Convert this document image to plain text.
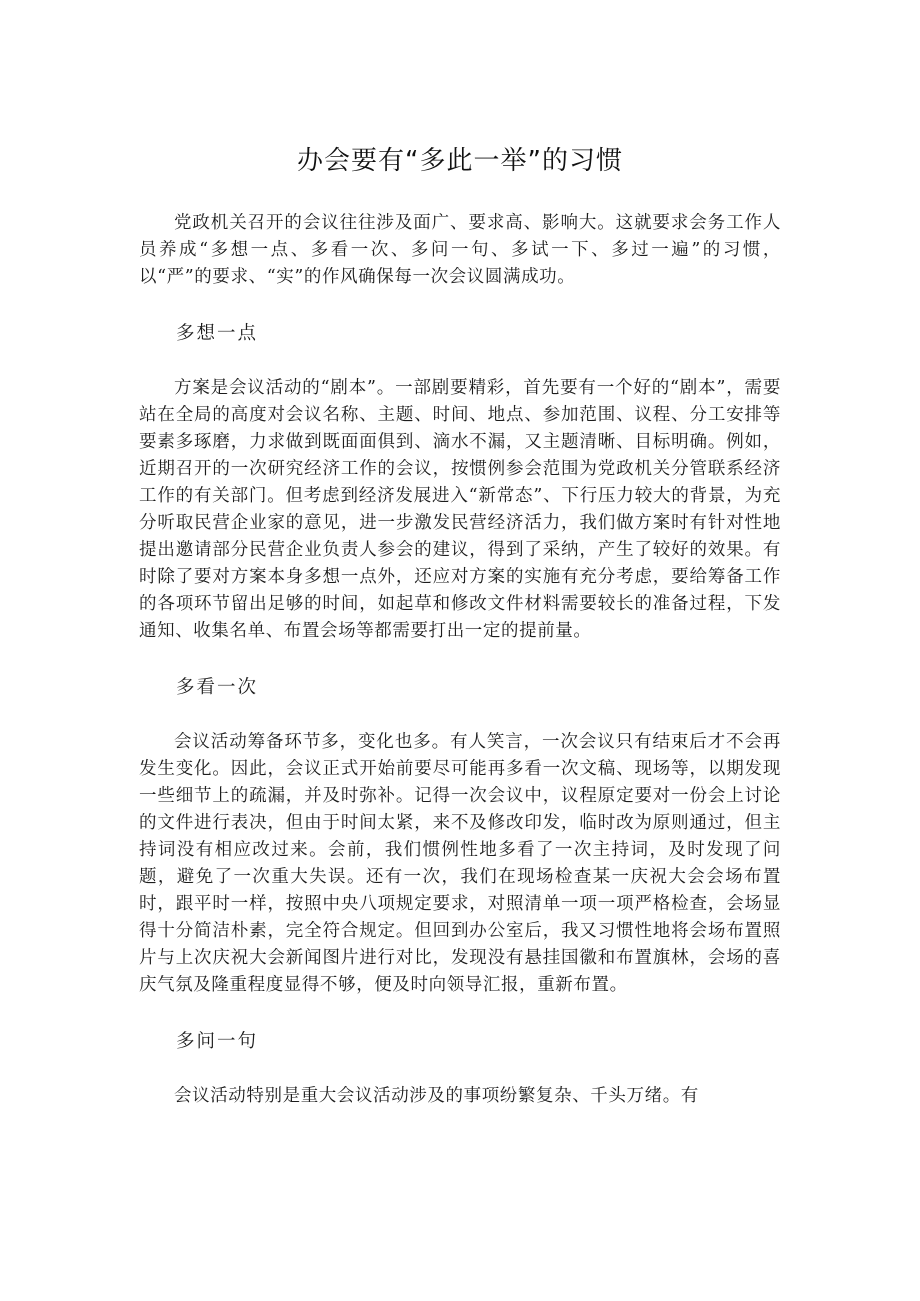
办会要有“多此一举”的习惯

党政机关召开的会议往往涉及面广、要求高、影响大。这就要求会务工作人员养成“多想一点、多看一次、多问一句、多试一下、多过一遍”的习惯，以“严”的要求、“实”的作风确保每一次会议圆满成功。

多想一点

方案是会议活动的“剧本”。一部剧要精彩，首先要有一个好的“剧本”，需要站在全局的高度对会议名称、主题、时间、地点、参加范围、议程、分工安排等要素多琢磨，力求做到既面面俱到、滴水不漏，又主题清晰、目标明确。例如，近期召开的一次研究经济工作的会议，按惯例参会范围为党政机关分管联系经济工作的有关部门。但考虑到经济发展进入“新常态”、下行压力较大的背景，为充分听取民营企业家的意见，进一步激发民营经济活力，我们做方案时有针对性地提出邀请部分民营企业负责人参会的建议，得到了采纳，产生了较好的效果。有时除了要对方案本身多想一点外，还应对方案的实施有充分考虑，要给筹备工作的各项环节留出足够的时间，如起草和修改文件材料需要较长的准备过程，下发通知、收集名单、布置会场等都需要打出一定的提前量。

多看一次

会议活动筹备环节多，变化也多。有人笑言，一次会议只有结束后才不会再发生变化。因此，会议正式开始前要尽可能再多看一次文稿、现场等，以期发现一些细节上的疏漏，并及时弥补。记得一次会议中，议程原定要对一份会上讨论的文件进行表决，但由于时间太紧，来不及修改印发，临时改为原则通过，但主持词没有相应改过来。会前，我们惯例性地多看了一次主持词，及时发现了问题，避免了一次重大失误。还有一次，我们在现场检查某一庆祝大会会场布置时，跟平时一样，按照中央八项规定要求，对照清单一项一项严格检查，会场显得十分简洁朴素，完全符合规定。但回到办公室后，我又习惯性地将会场布置照片与上次庆祝大会新闻图片进行对比，发现没有悬挂国徽和布置旗林，会场的喜庆气氛及隆重程度显得不够，便及时向领导汇报，重新布置。

多问一句

会议活动特别是重大会议活动涉及的事项纷繁复杂、千头万绪。有
